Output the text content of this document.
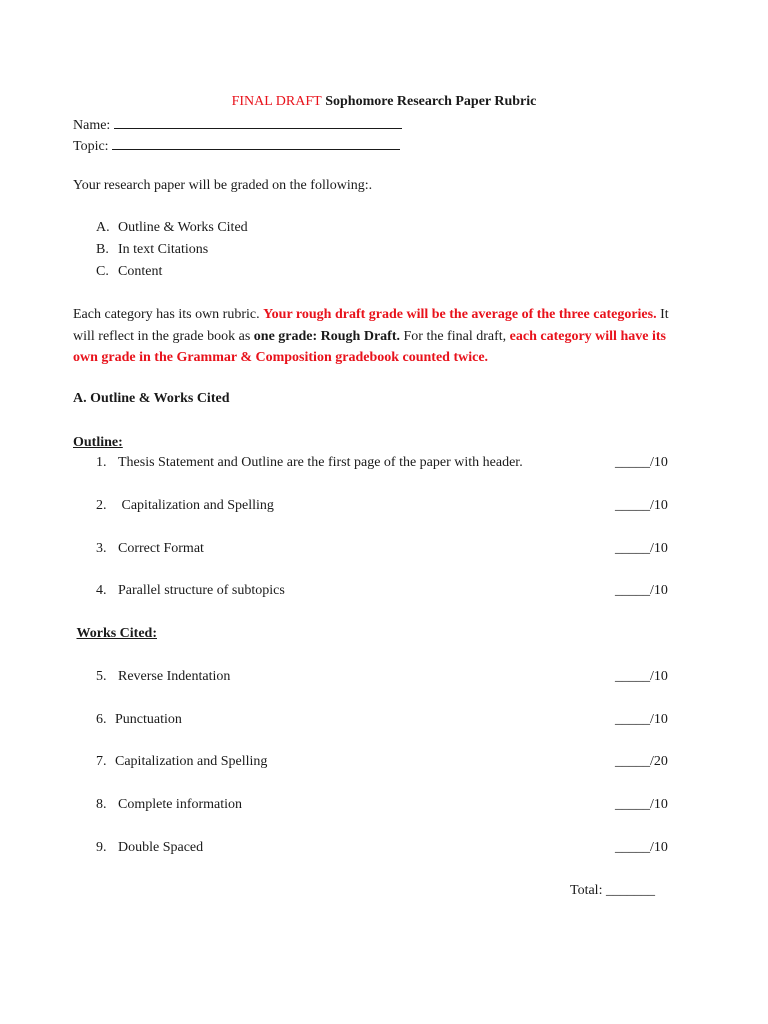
FINAL DRAFT Sophomore Research Paper Rubric
Name:
Topic:
Your research paper will be graded on the following:.
A. Outline & Works Cited
B. In text Citations
C. Content
Each category has its own rubric. Your rough draft grade will be the average of the three categories. It will reflect in the grade book as one grade: Rough Draft. For the final draft, each category will have its own grade in the Grammar & Composition gradebook counted twice.
A. Outline & Works Cited
Outline:
1. Thesis Statement and Outline are the first page of the paper with header.	_____/10
2. Capitalization and Spelling	_____/10
3. Correct Format	_____/10
4. Parallel structure of subtopics	_____/10
Works Cited:
5. Reverse Indentation	_____/10
6. Punctuation	_____/10
7. Capitalization and Spelling	_____/20
8. Complete information	_____/10
9. Double Spaced	_____/10
Total: _______
